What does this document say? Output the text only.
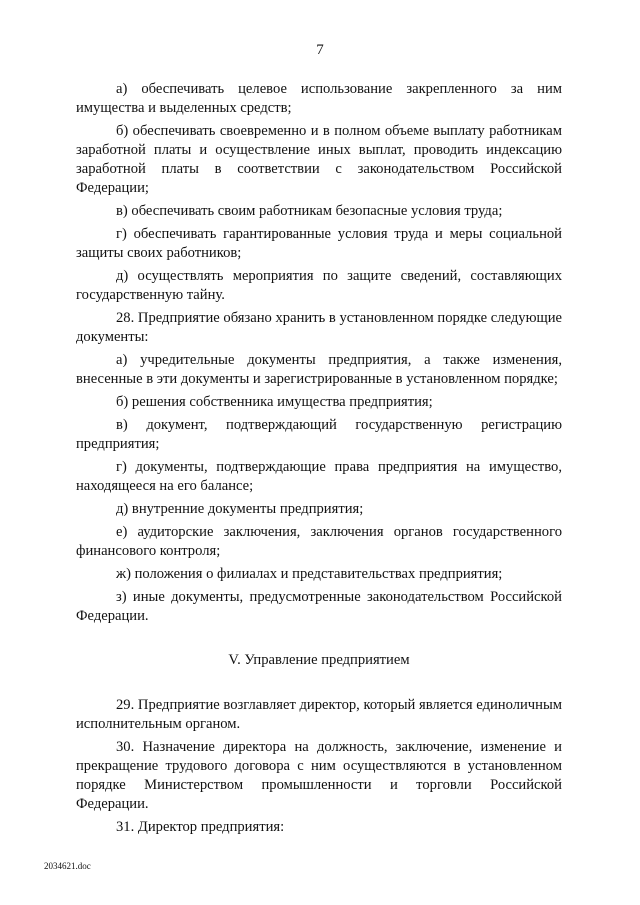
7

а) обеспечивать целевое использование закрепленного за ним имущества и выделенных средств;

б) обеспечивать своевременно и в полном объеме выплату работникам заработной платы и осуществление иных выплат, проводить индексацию заработной платы в соответствии с законодательством Российской Федерации;

в) обеспечивать своим работникам безопасные условия труда;

г) обеспечивать гарантированные условия труда и меры социальной защиты своих работников;

д) осуществлять мероприятия по защите сведений, составляющих государственную тайну.

28. Предприятие обязано хранить в установленном порядке следующие документы:

а) учредительные документы предприятия, а также изменения, внесенные в эти документы и зарегистрированные в установленном порядке;

б) решения собственника имущества предприятия;

в) документ, подтверждающий государственную регистрацию предприятия;

г) документы, подтверждающие права предприятия на имущество, находящееся на его балансе;

д) внутренние документы предприятия;

е) аудиторские заключения, заключения органов государственного финансового контроля;

ж) положения о филиалах и представительствах предприятия;

з) иные документы, предусмотренные законодательством Российской Федерации.

V. Управление предприятием

29. Предприятие возглавляет директор, который является единоличным исполнительным органом.

30. Назначение директора на должность, заключение, изменение и прекращение трудового договора с ним осуществляются в установленном порядке Министерством промышленности и торговли Российской Федерации.

31. Директор предприятия:

2034621.doc
